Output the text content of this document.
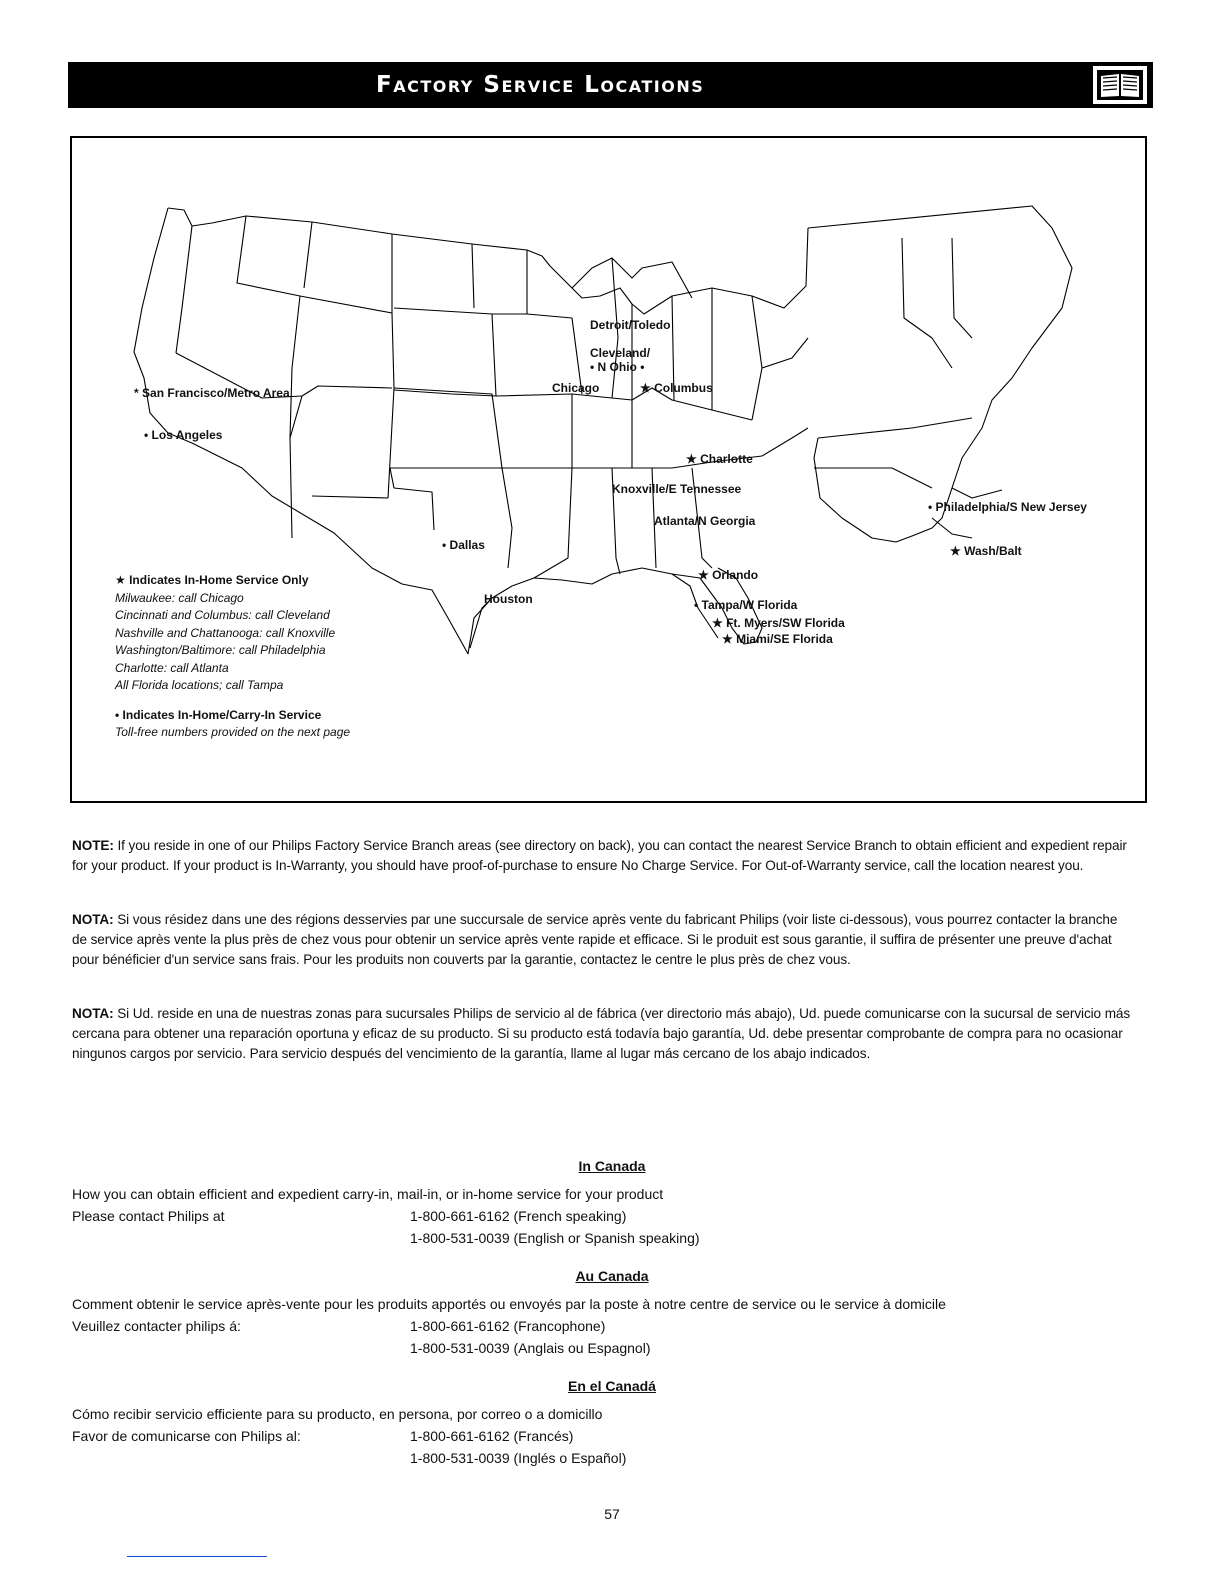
Factory Service Locations
Detroit/Toledo
Cleveland/
• N Ohio •
Chicago	★ Columbus
* San Francisco/Metro Area
• Los Angeles
★ Charlotte
Knoxville/E Tennessee
Atlanta/N Georgia
• Philadelphia/S New Jersey
★ Wash/Balt
• Dallas
Houston
★ Orlando
• Tampa/W Florida
★ Ft. Myers/SW Florida
★ Miami/SE Florida
★ Indicates In-Home Service Only
Milwaukee: call Chicago
Cincinnati and Columbus: call Cleveland
Nashville and Chattanooga: call Knoxville
Washington/Baltimore: call Philadelphia
Charlotte: call Atlanta
All Florida locations; call Tampa
• Indicates In-Home/Carry-In Service
Toll-free numbers provided on the next page
NOTE: If you reside in one of our Philips Factory Service Branch areas (see directory on back), you can contact the nearest Service Branch to obtain efficient and expedient repair for your product. If your product is In-Warranty, you should have proof-of-purchase to ensure No Charge Service. For Out-of-Warranty service, call the location nearest you.
NOTA: Si vous résidez dans une des régions desservies par une succursale de service après vente du fabricant Philips (voir liste ci-dessous), vous pourrez contacter la branche de service après vente la plus près de chez vous pour obtenir un service après vente rapide et efficace. Si le produit est sous garantie, il suffira de présenter une preuve d'achat pour bénéficier d'un service sans frais. Pour les produits non couverts par la garantie, contactez le centre le plus près de chez vous.
NOTA: Si Ud. reside en una de nuestras zonas para sucursales Philips de servicio al de fábrica (ver directorio más abajo), Ud. puede comunicarse con la sucursal de servicio más cercana para obtener una reparación oportuna y eficaz de su producto. Si su producto está todavía bajo garantía, Ud. debe presentar comprobante de compra para no ocasionar ningunos cargos por servicio. Para servicio después del vencimiento de la garantía, llame al lugar más cercano de los abajo indicados.
In Canada
How you can obtain efficient and expedient carry-in, mail-in, or in-home service for your product
Please contact Philips at	1-800-661-6162 (French speaking)
1-800-531-0039 (English or Spanish speaking)
Au Canada
Comment obtenir le service après-vente pour les produits apportés ou envoyés par la poste à notre centre de service ou le service à domicile
Veuillez contacter philips á:	1-800-661-6162 (Francophone)
1-800-531-0039 (Anglais ou Espagnol)
En el Canadá
Cómo recibir servicio efficiente para su producto, en persona, por correo o a domicillo
Favor de comunicarse con Philips al:	1-800-661-6162 (Francés)
1-800-531-0039 (Inglés o Español)
57
